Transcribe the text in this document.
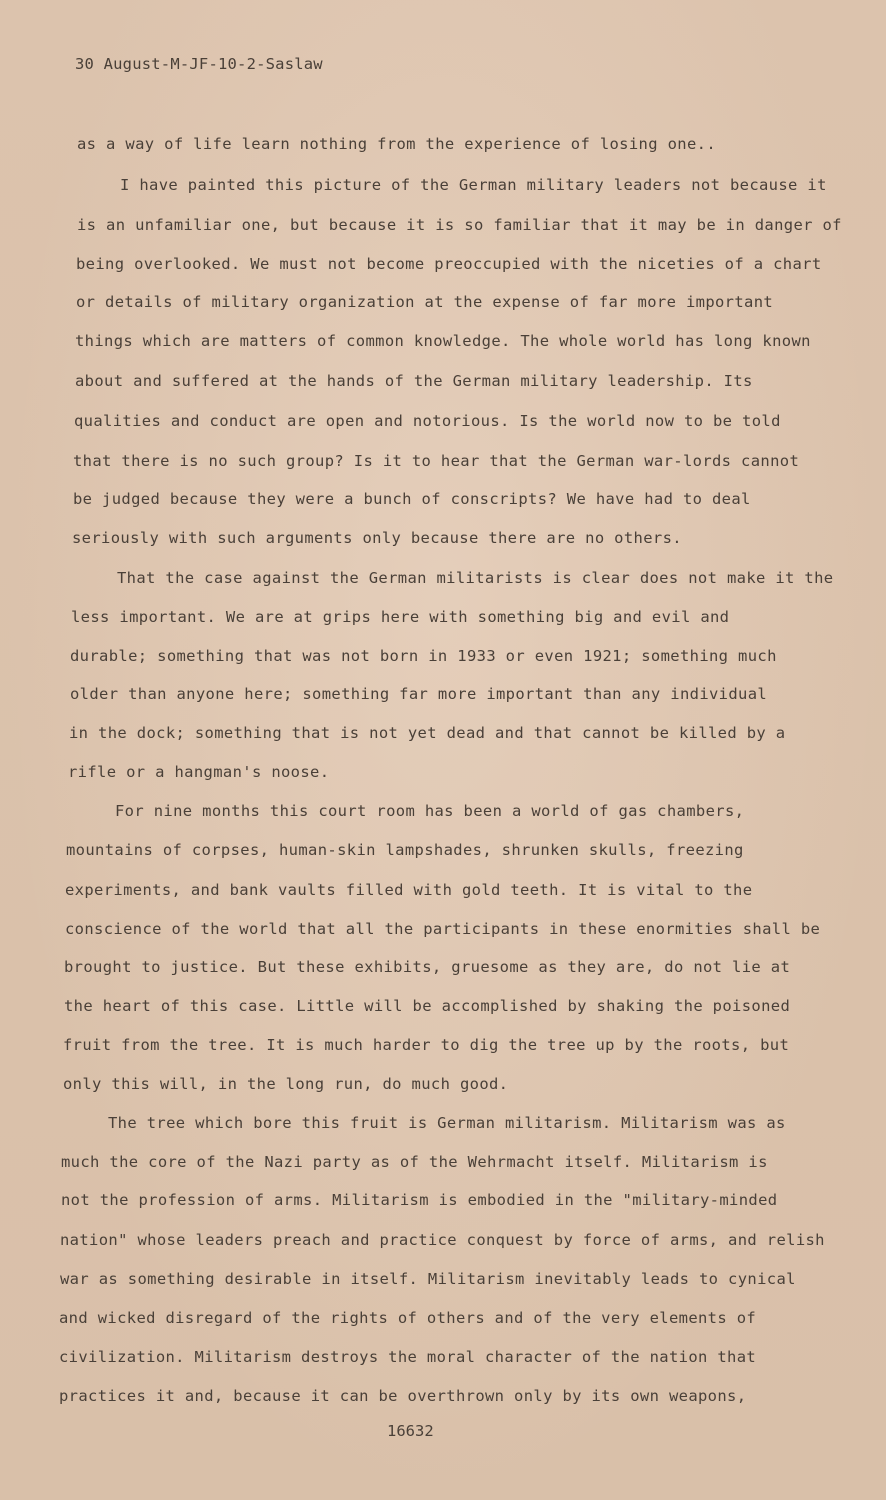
30 August-M-JF-10-2-Saslaw
as a way of life learn nothing from the experience of losing one..
I have painted this picture of the German military leaders not because it
is an unfamiliar one, but because it is so familiar that it may be in danger of
being overlooked. We must not become preoccupied with the niceties of a chart
or details of military organization at the expense of far more important
things which are matters of common knowledge. The whole world has long known
about and suffered at the hands of the German military leadership. Its
qualities and conduct are open and notorious. Is the world now to be told
that there is no such group? Is it to hear that the German war-lords cannot
be judged because they were a bunch of conscripts? We have had to deal
seriously with such arguments only because there are no others.
That the case against the German militarists is clear does not make it the
less important. We are at grips here with something big and evil and
durable; something that was not born in 1933 or even 1921; something much
older than anyone here; something far more important than any individual
in the dock; something that is not yet dead and that cannot be killed by a
rifle or a hangman's noose.
For nine months this court room has been a world of gas chambers,
mountains of corpses, human-skin lampshades, shrunken skulls, freezing
experiments, and bank vaults filled with gold teeth. It is vital to the
conscience of the world that all the participants in these enormities shall be
brought to justice. But these exhibits, gruesome as they are, do not lie at
the heart of this case. Little will be accomplished by shaking the poisoned
fruit from the tree. It is much harder to dig the tree up by the roots, but
only this will, in the long run, do much good.
The tree which bore this fruit is German militarism. Militarism was as
much the core of the Nazi party as of the Wehrmacht itself. Militarism is
not the profession of arms. Militarism is embodied in the "military-minded
nation" whose leaders preach and practice conquest by force of arms, and relish
war as something desirable in itself. Militarism inevitably leads to cynical
and wicked disregard of the rights of others and of the very elements of
civilization. Militarism destroys the moral character of the nation that
practices it and, because it can be overthrown only by its own weapons,
16632
